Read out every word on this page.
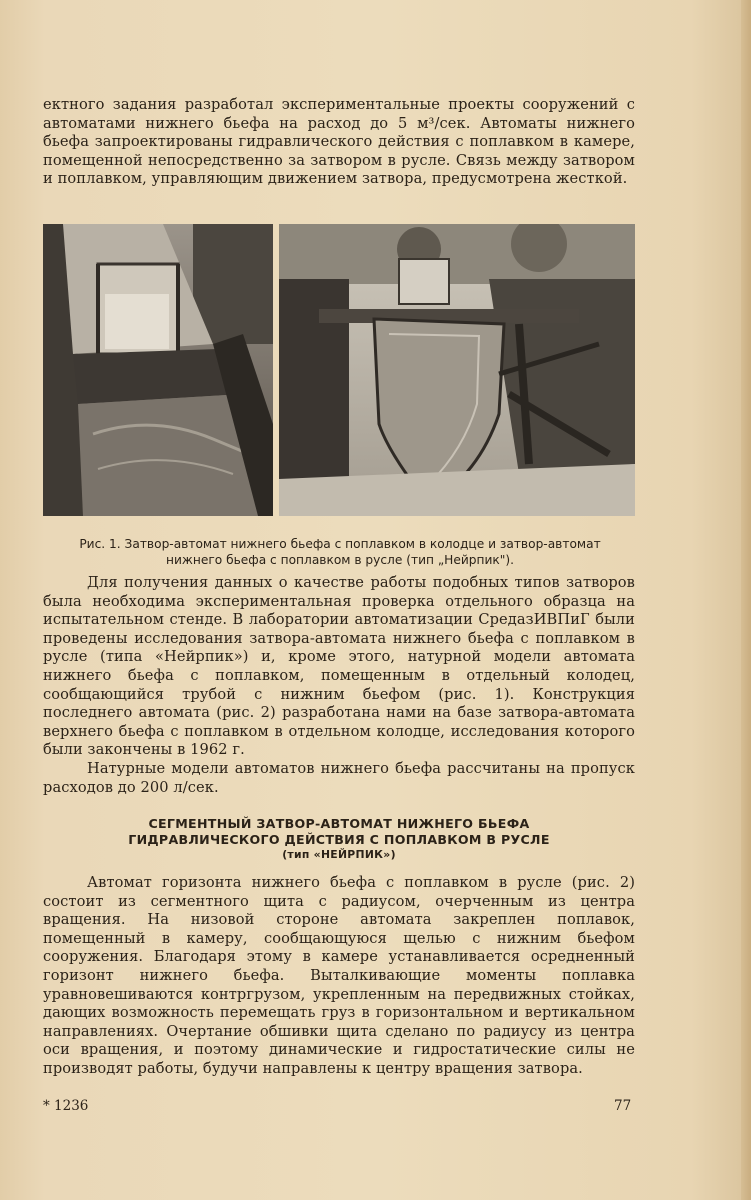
ектного задания разработал экспериментальные проекты сооружений с автоматами нижнего бьефа на расход до 5 м³/сек. Автоматы нижнего бьефа запроектированы гидравлического действия с поплавком в камере, помещенной непосредственно за затвором в русле. Связь между затвором и поплавком, управляющим движением затвора, предусмотрена жесткой.

Рис. 1. Затвор-автомат нижнего бьефа с поплавком в колодце и затвор-автомат нижнего бьефа с поплавком в русле (тип „Нейрпик").

Для получения данных о качестве работы подобных типов затворов была необходима экспериментальная проверка отдельного образца на испытательном стенде. В лаборатории автоматизации СредазИВПиГ были проведены исследования затвора-автомата нижнего бьефа с поплавком в русле (типа «Нейрпик») и, кроме этого, натурной модели автомата нижнего бьефа с поплавком, помещенным в отдельный колодец, сообщающийся трубой с нижним бьефом (рис. 1). Конструкция последнего автомата (рис. 2) разработана нами на базе затвора-автомата верхнего бьефа с поплавком в отдельном колодце, исследования которого были закончены в 1962 г.

Натурные модели автоматов нижнего бьефа рассчитаны на пропуск расходов до 200 л/сек.

СЕГМЕНТНЫЙ ЗАТВОР-АВТОМАТ НИЖНЕГО БЬЕФА
ГИДРАВЛИЧЕСКОГО ДЕЙСТВИЯ С ПОПЛАВКОМ В РУСЛЕ
(тип «НЕЙРПИК»)

Автомат горизонта нижнего бьефа с поплавком в русле (рис. 2) состоит из сегментного щита с радиусом, очерченным из центра вращения. На низовой стороне автомата закреплен поплавок, помещенный в камеру, сообщающуюся щелью с нижним бьефом сооружения. Благодаря этому в камере устанавливается осредненный горизонт нижнего бьефа. Выталкивающие моменты поплавка уравновешиваются контргрузом, укрепленным на передвижных стойках, дающих возможность перемещать груз в горизонтальном и вертикальном направлениях. Очертание обшивки щита сделано по радиусу из центра оси вращения, и поэтому динамические и гидростатические силы не производят работы, будучи направлены к центру вращения затвора.

* 1236	77
